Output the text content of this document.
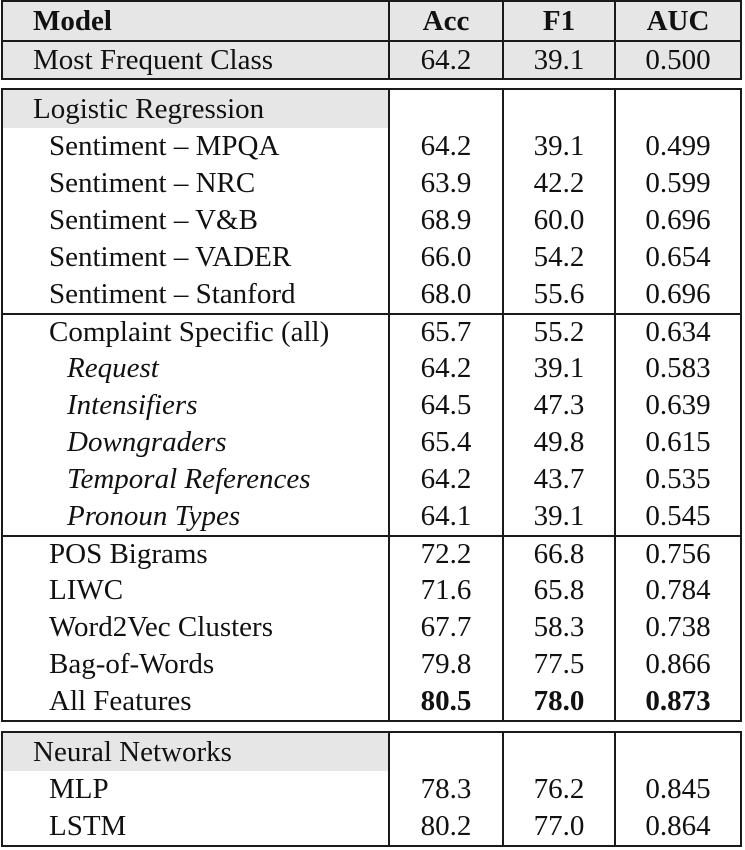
Model	Acc	F1	AUC
Most Frequent Class	64.2	39.1	0.500
Logistic Regression
Sentiment – MPQA	64.2	39.1	0.499
Sentiment – NRC	63.9	42.2	0.599
Sentiment – V&B	68.9	60.0	0.696
Sentiment – VADER	66.0	54.2	0.654
Sentiment – Stanford	68.0	55.6	0.696
Complaint Specific (all)	65.7	55.2	0.634
Request	64.2	39.1	0.583
Intensifiers	64.5	47.3	0.639
Downgraders	65.4	49.8	0.615
Temporal References	64.2	43.7	0.535
Pronoun Types	64.1	39.1	0.545
POS Bigrams	72.2	66.8	0.756
LIWC	71.6	65.8	0.784
Word2Vec Clusters	67.7	58.3	0.738
Bag-of-Words	79.8	77.5	0.866
All Features	80.5	78.0	0.873
Neural Networks
MLP	78.3	76.2	0.845
LSTM	80.2	77.0	0.864
